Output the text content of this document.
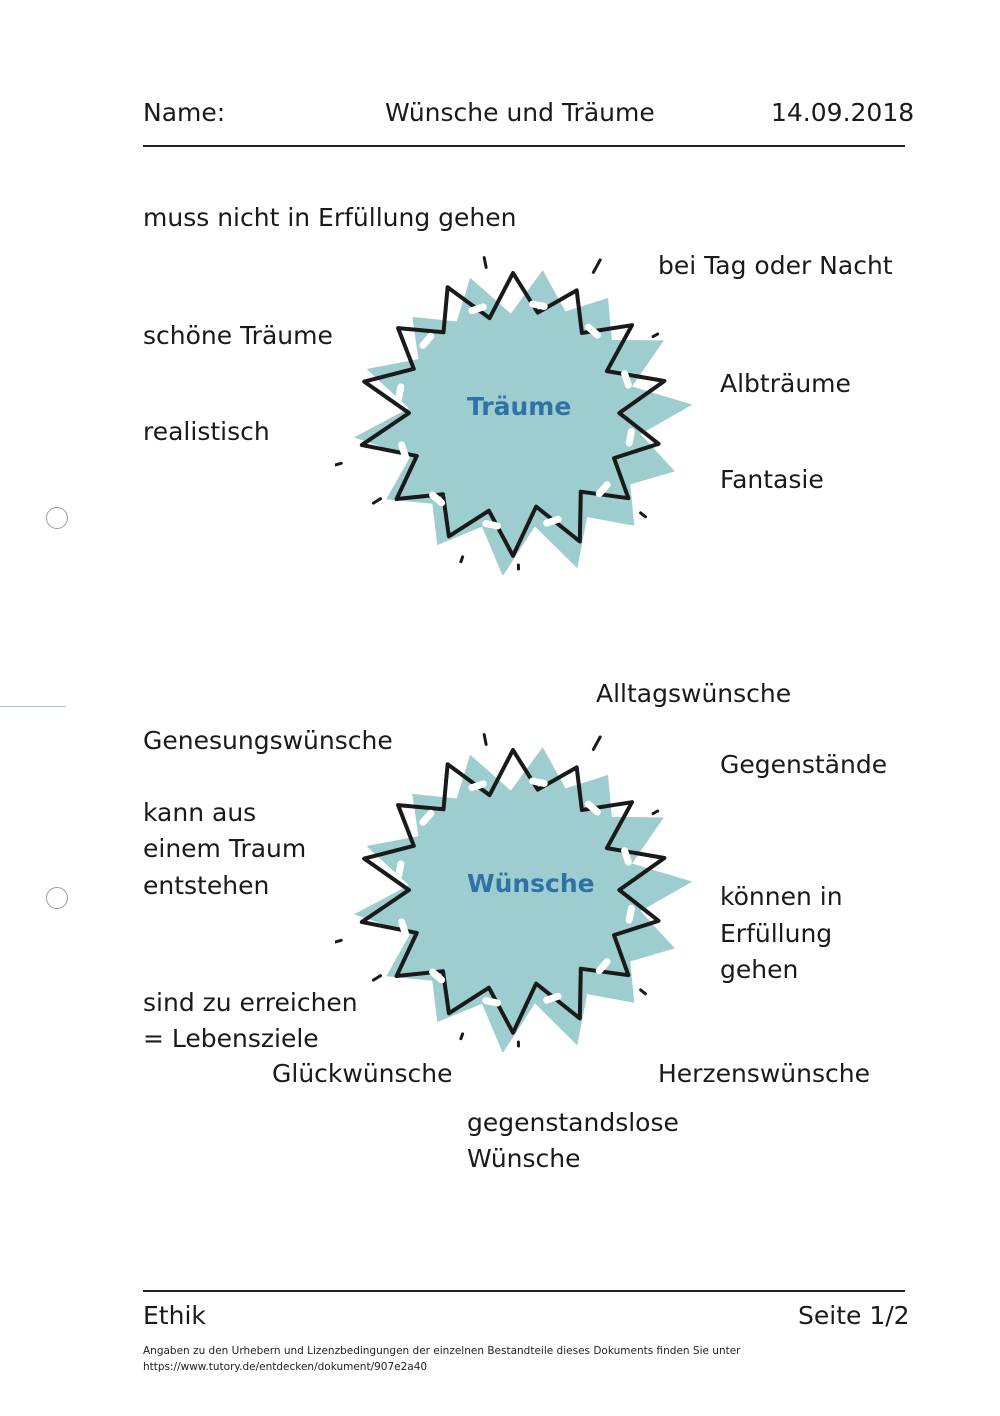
Name:	Wünsche und Träume	14.09.2018
muss nicht in Erfüllung gehen
bei Tag oder Nacht
schöne Träume
Albträume
realistisch
Fantasie
Träume
Alltagswünsche
Genesungswünsche
Gegenstände
kann aus
einem Traum
entstehen	können in
Erfüllung
gehen
sind zu erreichen
= Lebensziele
Glückwünsche	Herzenswünsche
gegenstandslose
Wünsche
Wünsche
Ethik	Seite 1/2
Angaben zu den Urhebern und Lizenzbedingungen der einzelnen Bestandteile dieses Dokuments finden Sie unter
https://www.tutory.de/entdecken/dokument/907e2a40
